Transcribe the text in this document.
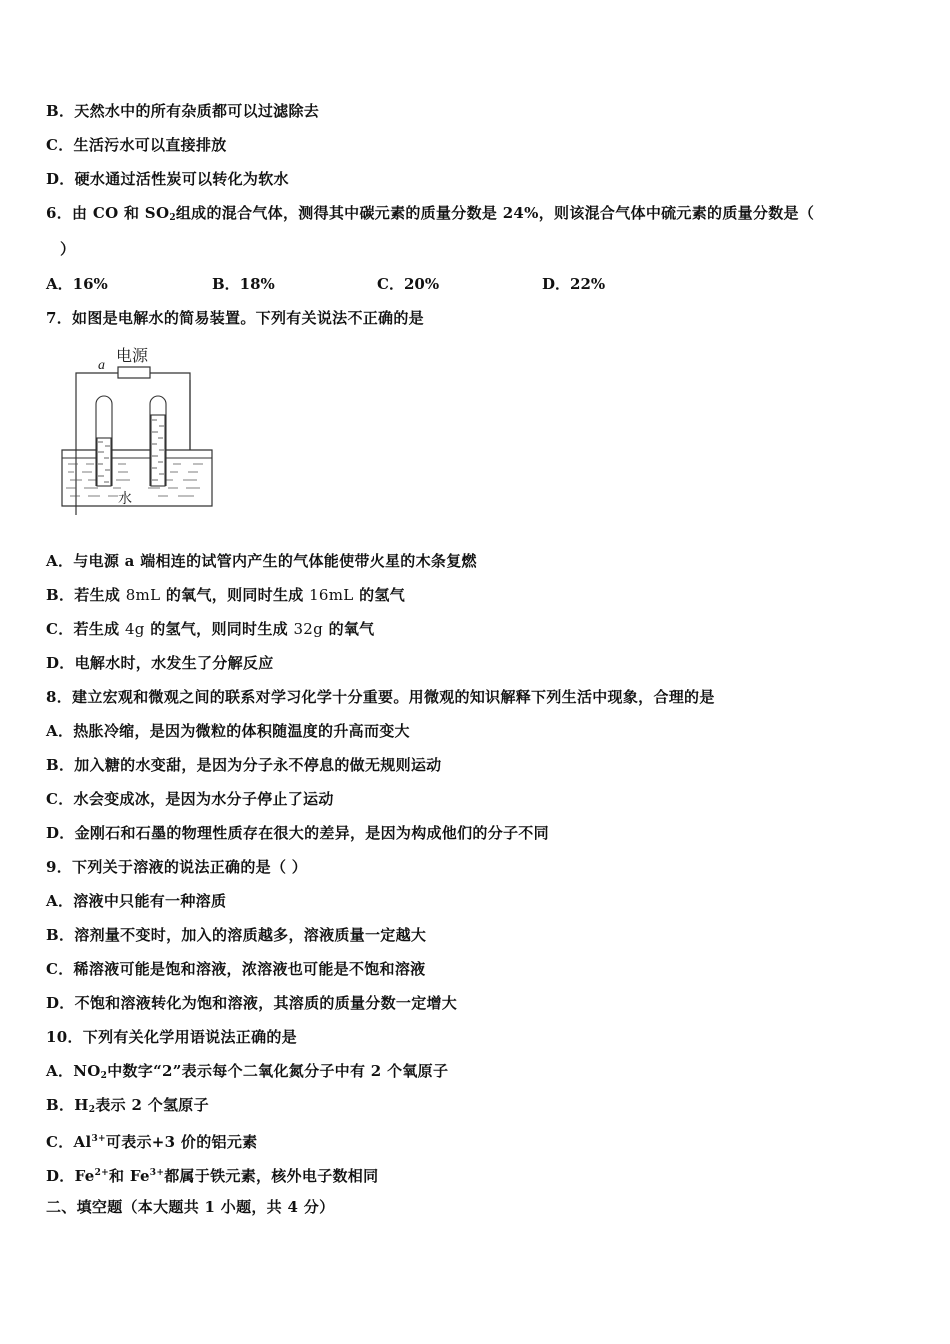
B．天然水中的所有杂质都可以过滤除去
C．生活污水可以直接排放
D．硬水通过活性炭可以转化为软水
6．由 CO 和 $SO_2$组成的混合气体，测得其中碳元素的质量分数是 24%，则该混合气体中硫元素的质量分数是（
）
A．16%	B．18%	C．20%	D．22%
7．如图是电解水的简易装置。下列有关说法不正确的是
a
电源
水
A．与电源 a 端相连的试管内产生的气体能使带火星的木条复燃
B．若生成 8mL 的氧气，则同时生成 16mL 的氢气
C．若生成 4g 的氢气，则同时生成 32g 的氧气
D．电解水时，水发生了分解反应
8．建立宏观和微观之间的联系对学习化学十分重要。用微观的知识解释下列生活中现象，合理的是
A．热胀冷缩，是因为微粒的体积随温度的升高而变大
B．加入糖的水变甜，是因为分子永不停息的做无规则运动
C．水会变成冰，是因为水分子停止了运动
D．金刚石和石墨的物理性质存在很大的差异，是因为构成他们的分子不同
9．下列关于溶液的说法正确的是（ ）
A．溶液中只能有一种溶质
B．溶剂量不变时，加入的溶质越多，溶液质量一定越大
C．稀溶液可能是饱和溶液，浓溶液也可能是不饱和溶液
D．不饱和溶液转化为饱和溶液，其溶质的质量分数一定增大
10．下列有关化学用语说法正确的是
A．$NO_2$中数字“2”表示每个二氧化氮分子中有 2 个氧原子
B．$H_2$表示 2 个氢原子
C．$Al^{3+}$可表示+3 价的铝元素
D．$Fe^{2+}$和 $Fe^{3+}$都属于铁元素，核外电子数相同
二、填空题（本大题共 1 小题，共 4 分）
